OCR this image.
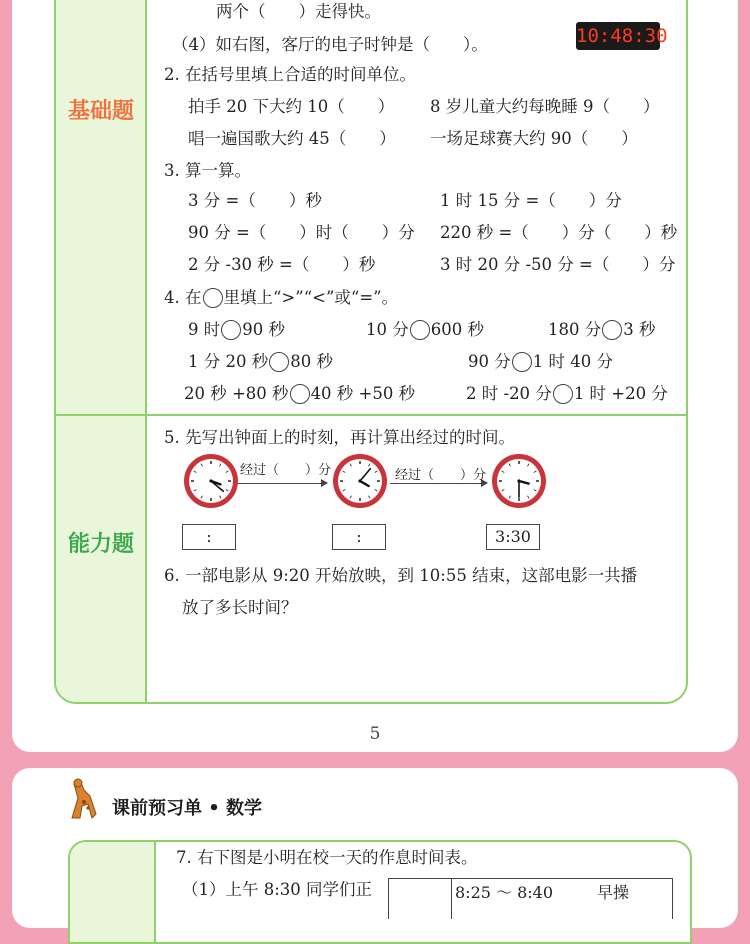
基础题
能力题
两个（　　）走得快。
（4）如右图，客厅的电子时钟是（　　）。	10:48:30
2. 在括号里填上合适的时间单位。
拍手 20 下大约 10（　　） 8 岁儿童大约每晚睡 9（　　）
唱一遍国歌大约 45（　　） 一场足球赛大约 90（　　）
3. 算一算。
3 分 =（　　）秒	1 时 15 分 =（　　）分
90 分 =（　　）时（　　）分 220 秒 =（　　）分（　　）秒
2 分 -30 秒 =（　　）秒	3 时 20 分 -50 分 =（　　）分
4. 在 里填上“>”“<”或“=”。
9 时 90 秒	10 分 600 秒	180 分 3 秒
1 分 20 秒 80 秒	90 分 1 时 40 分
20 秒 +80 秒 40 秒 +50 秒	2 时 -20 分 1 时 +20 分
5. 先写出钟面上的时刻，再计算出经过的时间。
经过（　　）分	经过（　　）分
:	:	3:30
6. 一部电影从 9:20 开始放映，到 10:55 结束，这部电影一共播
放了多长时间？
5
课前预习单 • 数学
7. 右下图是小明在校一天的作息时间表。
（1）上午 8:30 同学们正	8:25 ～ 8:40	早操
